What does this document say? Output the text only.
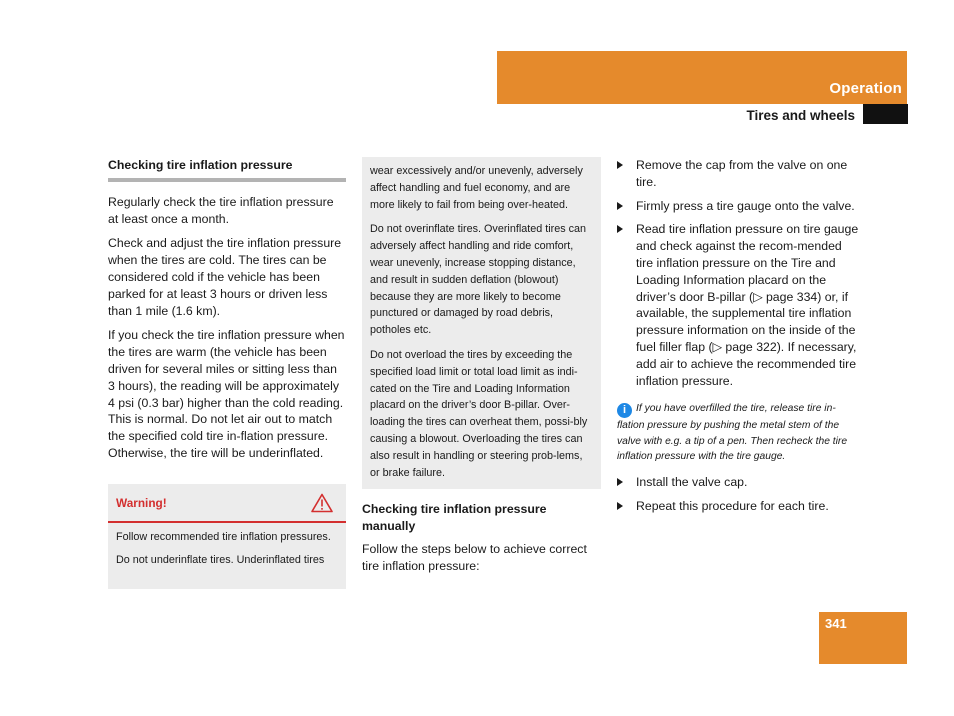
Operation
Tires and wheels
Checking tire inflation pressure

Regularly check the tire inflation pressure at least once a month.

Check and adjust the tire inflation pressure when the tires are cold. The tires can be considered cold if the vehicle has been parked for at least 3 hours or driven less than 1 mile (1.6 km).

If you check the tire inflation pressure when the tires are warm (the vehicle has been driven for several miles or sitting less than 3 hours), the reading will be approximately 4 psi (0.3 bar) higher than the cold reading. This is normal. Do not let air out to match the specified cold tire in-flation pressure. Otherwise, the tire will be underinflated.

Warning!

Follow recommended tire inflation pressures.

Do not underinflate tires. Underinflated tires

wear excessively and/or unevenly, adversely affect handling and fuel economy, and are more likely to fail from being over-heated.

Do not overinflate tires. Overinflated tires can adversely affect handling and ride comfort, wear unevenly, increase stopping distance, and result in sudden deflation (blowout) because they are more likely to become punctured or damaged by road debris, potholes etc.

Do not overload the tires by exceeding the specified load limit or total load limit as indi-cated on the Tire and Loading Information placard on the driver’s door B-pillar. Over-loading the tires can overheat them, possi-bly causing a blowout. Overloading the tires can also result in handling or steering prob-lems, or brake failure.

Checking tire inflation pressure manually

Follow the steps below to achieve correct tire inflation pressure:

Remove the cap from the valve on one tire.
Firmly press a tire gauge onto the valve.
Read tire inflation pressure on tire gauge and check against the recom-mended tire inflation pressure on the Tire and Loading Information placard on the driver’s door B-pillar (▷ page 334) or, if available, the supplemental tire inflation pressure information on the inside of the fuel filler flap (▷ page 322). If necessary, add air to achieve the recommended tire inflation pressure.
i If you have overfilled the tire, release tire in-flation pressure by pushing the metal stem of the valve with e.g. a tip of a pen. Then recheck the tire inflation pressure with the tire gauge.
Install the valve cap.
Repeat this procedure for each tire.
341
